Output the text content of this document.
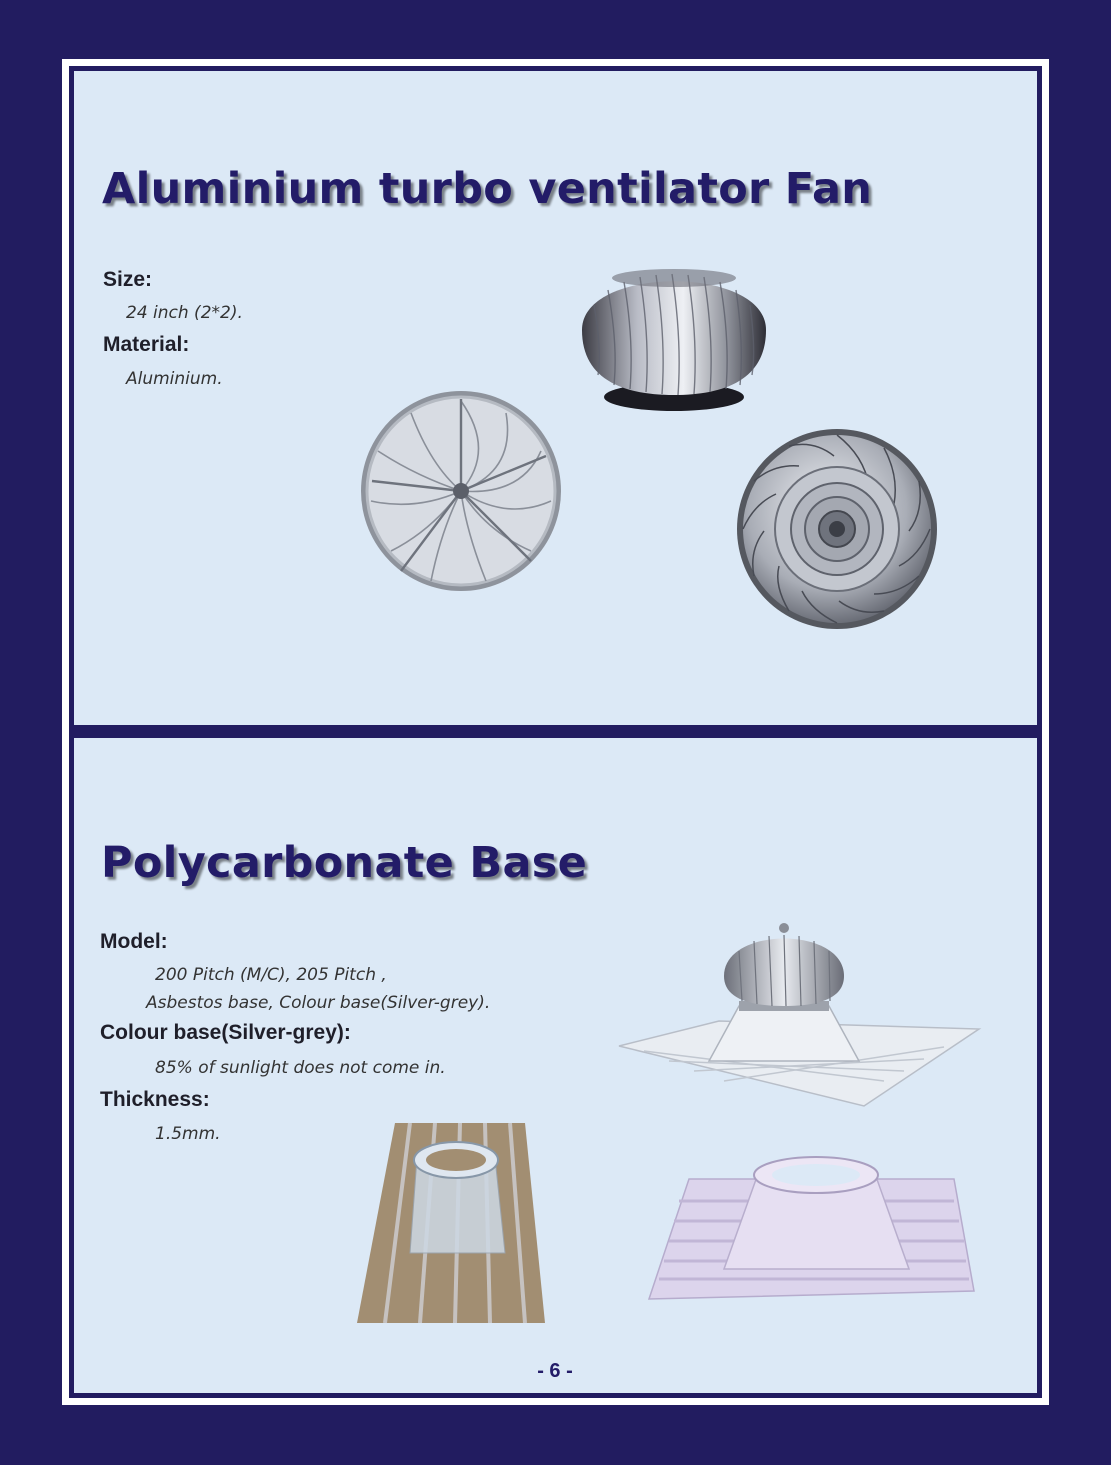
Aluminium turbo ventilator Fan
Size:
24 inch (2*2).
Material:
Aluminium.
Polycarbonate Base
Model:
200 Pitch (M/C), 205 Pitch ,
Asbestos base, Colour base(Silver-grey).
Colour base(Silver-grey):
85% of sunlight does not come in.
Thickness:
1.5mm.
- 6 -
